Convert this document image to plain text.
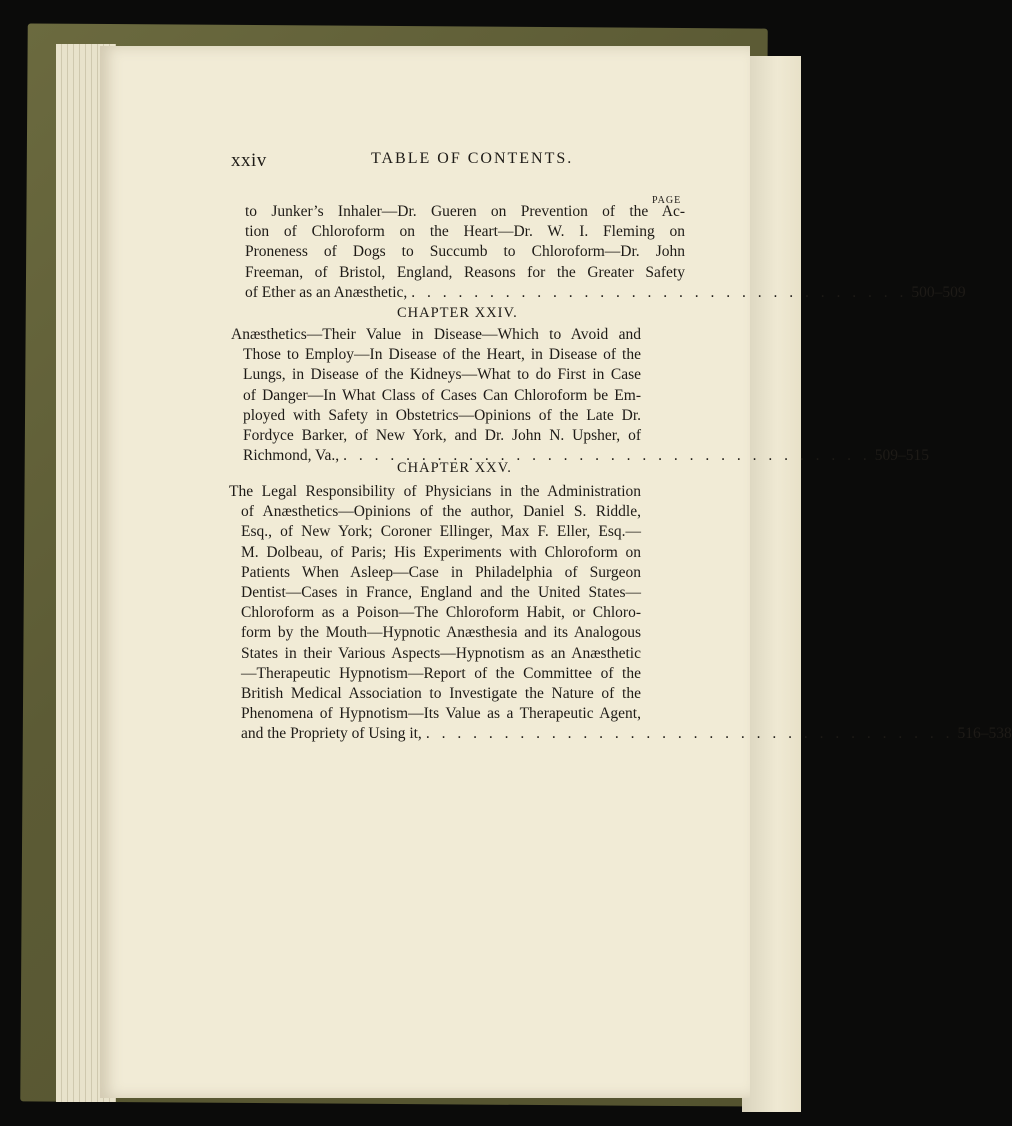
xxiv	TABLE OF CONTENTS.
PAGE
to Junker’s Inhaler—Dr. Gueren on Prevention of the Ac-
tion of Chloroform on the Heart—Dr. W. I. Fleming on
Proneness of Dogs to Succumb to Chloroform—Dr. John
Freeman, of Bristol, England, Reasons for the Greater Safety
of Ether as an Anæsthetic, . . . . . . . . . . . . . . . . . . . . . . . . . . . . . . . . 500–509
CHAPTER XXIV.
Anæsthetics—Their Value in Disease—Which to Avoid and
Those to Employ—In Disease of the Heart, in Disease of the
Lungs, in Disease of the Kidneys—What to do First in Case
of Danger—In What Class of Cases Can Chloroform be Em-
ployed with Safety in Obstetrics—Opinions of the Late Dr.
Fordyce Barker, of New York, and Dr. John N. Upsher, of
Richmond, Va., . . . . . . . . . . . . . . . . . . . . . . . . . . . . . . . . . . 509–515
CHAPTER XXV.
The Legal Responsibility of Physicians in the Administration
of Anæsthetics—Opinions of the author, Daniel S. Riddle,
Esq., of New York; Coroner Ellinger, Max F. Eller, Esq.—
M. Dolbeau, of Paris; His Experiments with Chloroform on
Patients When Asleep—Case in Philadelphia of Surgeon
Dentist—Cases in France, England and the United States—
Chloroform as a Poison—The Chloroform Habit, or Chloro-
form by the Mouth—Hypnotic Anæsthesia and its Analogous
States in their Various Aspects—Hypnotism as an Anæsthetic
—Therapeutic Hypnotism—Report of the Committee of the
British Medical Association to Investigate the Nature of the
Phenomena of Hypnotism—Its Value as a Therapeutic Agent,
and the Propriety of Using it, . . . . . . . . . . . . . . . . . . . . . . . . . . . . . . . . . . 516–538
